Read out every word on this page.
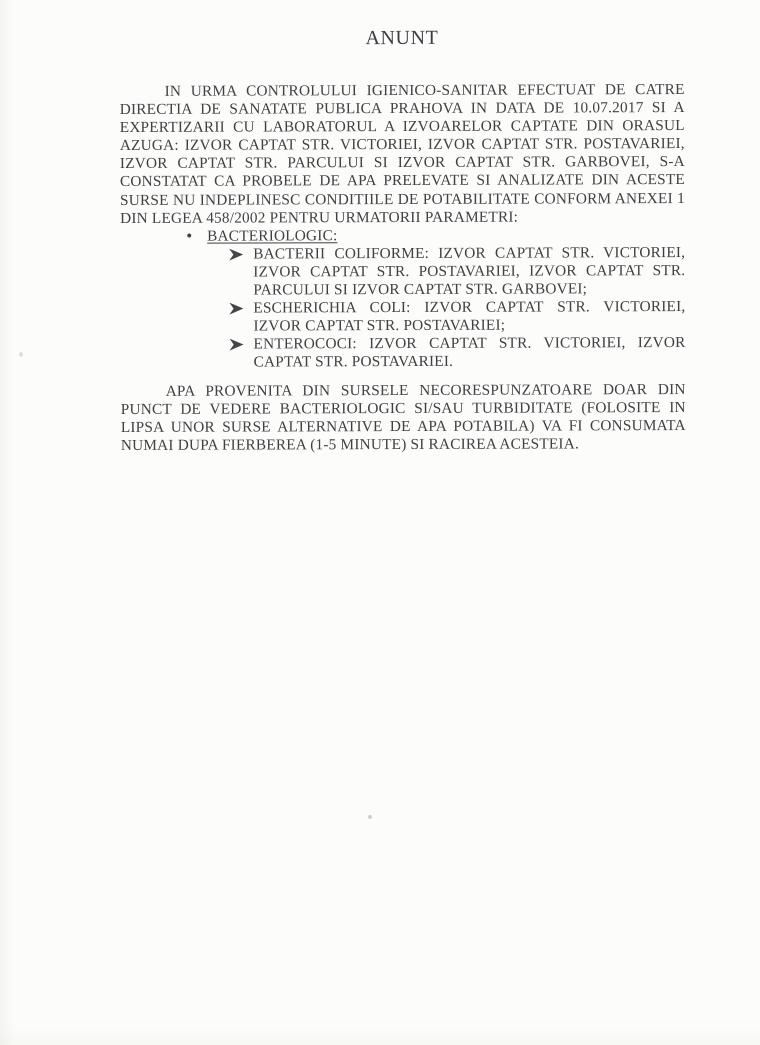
ANUNT

IN URMA CONTROLULUI IGIENICO-SANITAR EFECTUAT DE CATRE DIRECTIA DE SANATATE PUBLICA PRAHOVA IN DATA DE 10.07.2017 SI A EXPERTIZARII CU LABORATORUL A IZVOARELOR CAPTATE DIN ORASUL AZUGA: IZVOR CAPTAT STR. VICTORIEI, IZVOR CAPTAT STR. POSTAVARIEI, IZVOR CAPTAT STR. PARCULUI SI IZVOR CAPTAT STR. GARBOVEI, S-A CONSTATAT CA PROBELE DE APA PRELEVATE SI ANALIZATE DIN ACESTE SURSE NU INDEPLINESC CONDITIILE DE POTABILITATE CONFORM ANEXEI 1 DIN LEGEA 458/2002 PENTRU URMATORII PARAMETRI:

• BACTERIOLOGIC:
BACTERII COLIFORME: IZVOR CAPTAT STR. VICTORIEI, IZVOR CAPTAT STR. POSTAVARIEI, IZVOR CAPTAT STR. PARCULUI SI IZVOR CAPTAT STR. GARBOVEI;
ESCHERICHIA COLI: IZVOR CAPTAT STR. VICTORIEI, IZVOR CAPTAT STR. POSTAVARIEI;
ENTEROCOCI: IZVOR CAPTAT STR. VICTORIEI, IZVOR CAPTAT STR. POSTAVARIEI.

APA PROVENITA DIN SURSELE NECORESPUNZATOARE DOAR DIN PUNCT DE VEDERE BACTERIOLOGIC SI/SAU TURBIDITATE (FOLOSITE IN LIPSA UNOR SURSE ALTERNATIVE DE APA POTABILA) VA FI CONSUMATA NUMAI DUPA FIERBEREA (1-5 MINUTE) SI RACIREA ACESTEIA.
